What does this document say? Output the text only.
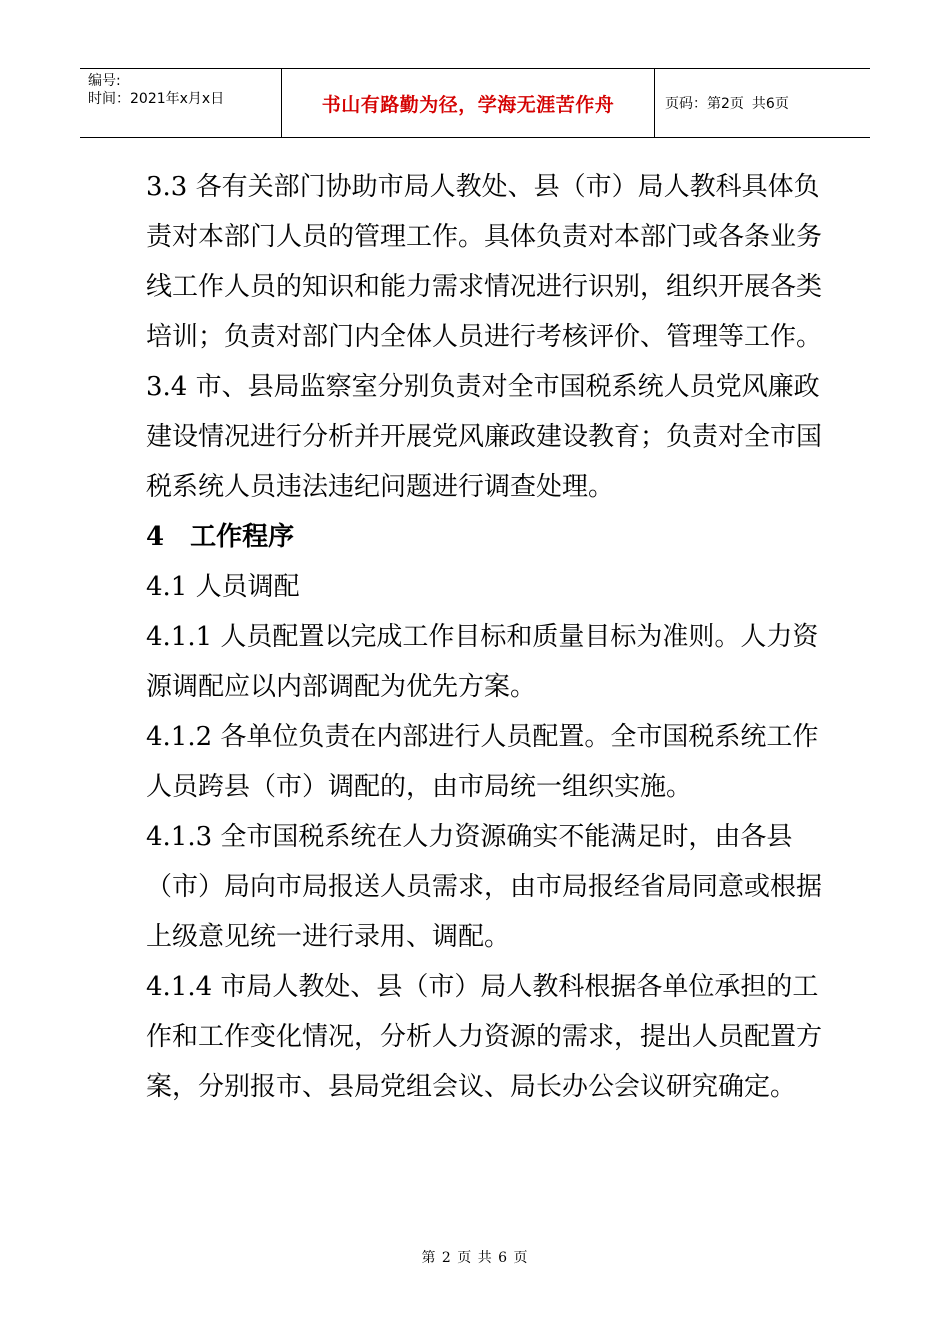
编号:
时间：2021年x月x日	书山有路勤为径，学海无涯苦作舟	页码：第2页 共6页

3.3 各有关部门协助市局人教处、县（市）局人教科具体负责对本部门人员的管理工作。具体负责对本部门或各条业务线工作人员的知识和能力需求情况进行识别，组织开展各类培训；负责对部门内全体人员进行考核评价、管理等工作。

3.4 市、县局监察室分别负责对全市国税系统人员党风廉政建设情况进行分析并开展党风廉政建设教育；负责对全市国税系统人员违法违纪问题进行调查处理。

4　工作程序

4.1 人员调配

4.1.1 人员配置以完成工作目标和质量目标为准则。人力资源调配应以内部调配为优先方案。

4.1.2 各单位负责在内部进行人员配置。全市国税系统工作人员跨县（市）调配的，由市局统一组织实施。

4.1.3 全市国税系统在人力资源确实不能满足时，由各县（市）局向市局报送人员需求，由市局报经省局同意或根据上级意见统一进行录用、调配。

4.1.4 市局人教处、县（市）局人教科根据各单位承担的工作和工作变化情况，分析人力资源的需求，提出人员配置方案，分别报市、县局党组会议、局长办公会议研究确定。

第 2 页 共 6 页
